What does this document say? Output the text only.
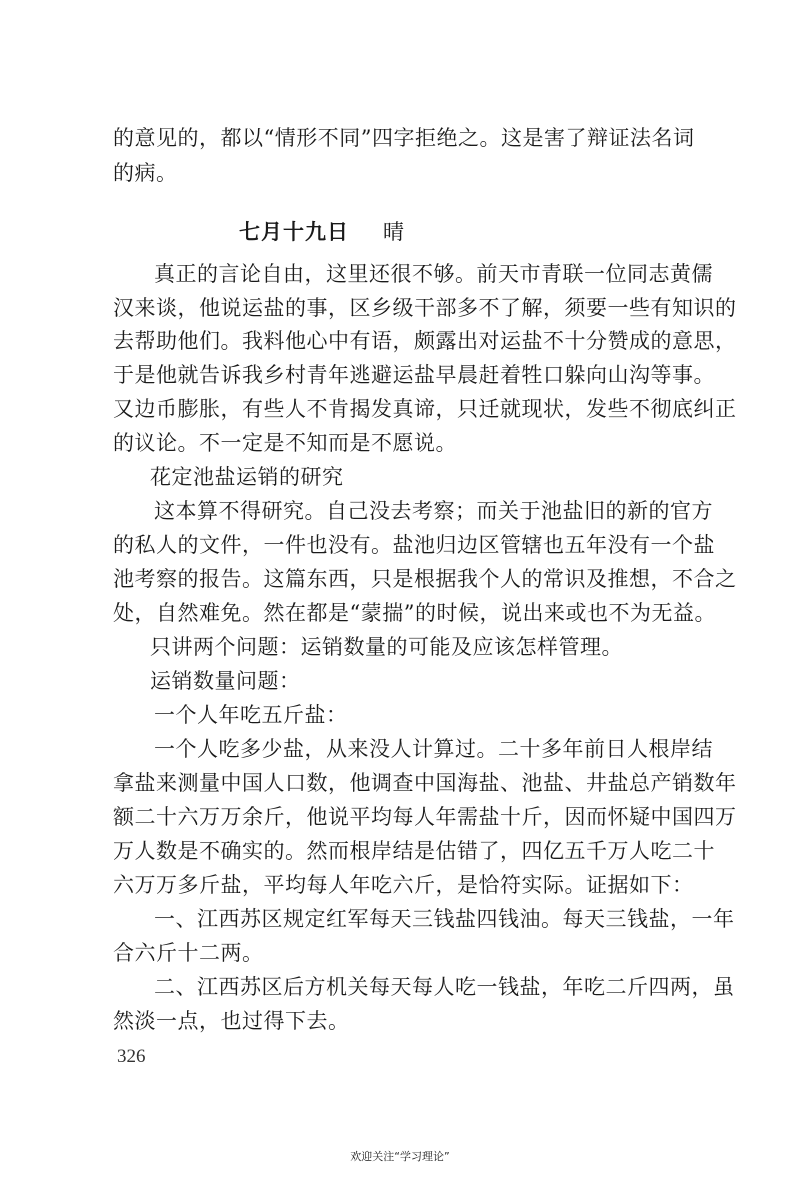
的意见的，都以“情形不同”四字拒绝之。这是害了辩证法名词
的病。
七月十九日 晴
真正的言论自由，这里还很不够。前天市青联一位同志黄儒
汉来谈，他说运盐的事，区乡级干部多不了解，须要一些有知识的
去帮助他们。我料他心中有语，颇露出对运盐不十分赞成的意思，
于是他就告诉我乡村青年逃避运盐早晨赶着牲口躲向山沟等事。
又边币膨胀，有些人不肯揭发真谛，只迁就现状，发些不彻底纠正
的议论。不一定是不知而是不愿说。
花定池盐运销的研究
这本算不得研究。自己没去考察；而关于池盐旧的新的官方
的私人的文件，一件也没有。盐池归边区管辖也五年没有一个盐
池考察的报告。这篇东西，只是根据我个人的常识及推想，不合之
处，自然难免。然在都是“蒙揣”的时候，说出来或也不为无益。
只讲两个问题：运销数量的可能及应该怎样管理。
运销数量问题：
一个人年吃五斤盐：
一个人吃多少盐，从来没人计算过。二十多年前日人根岸结
拿盐来测量中国人口数，他调查中国海盐、池盐、井盐总产销数年
额二十六万万余斤，他说平均每人年需盐十斤，因而怀疑中国四万
万人数是不确实的。然而根岸结是估错了，四亿五千万人吃二十
六万万多斤盐，平均每人年吃六斤，是恰符实际。证据如下：
一、江西苏区规定红军每天三钱盐四钱油。每天三钱盐，一年
合六斤十二两。
二、江西苏区后方机关每天每人吃一钱盐，年吃二斤四两，虽
然淡一点，也过得下去。
326
欢迎关注“学习理论”
